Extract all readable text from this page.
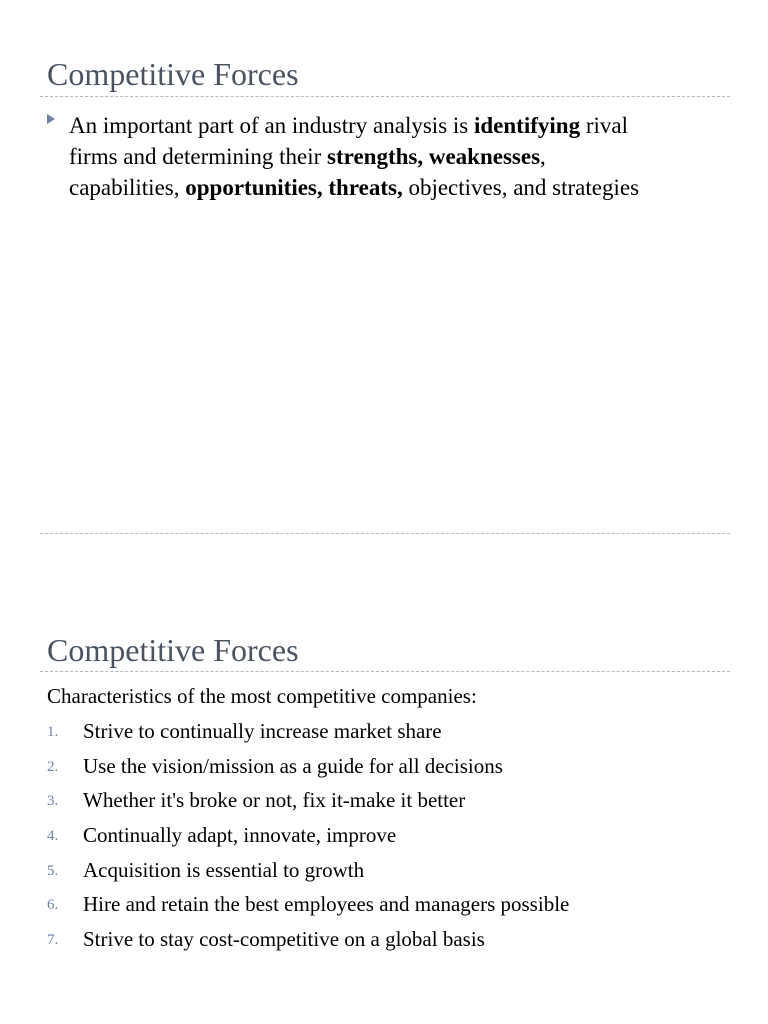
Competitive Forces

An important part of an industry analysis is identifying rival
firms and determining their strengths, weaknesses,
capabilities, opportunities, threats, objectives, and strategies

Competitive Forces

Characteristics of the most competitive companies:

1. Strive to continually increase market share
2. Use the vision/mission as a guide for all decisions
3. Whether it's broke or not, fix it-make it better
4. Continually adapt, innovate, improve
5. Acquisition is essential to growth
6. Hire and retain the best employees and managers possible
7. Strive to stay cost-competitive on a global basis
